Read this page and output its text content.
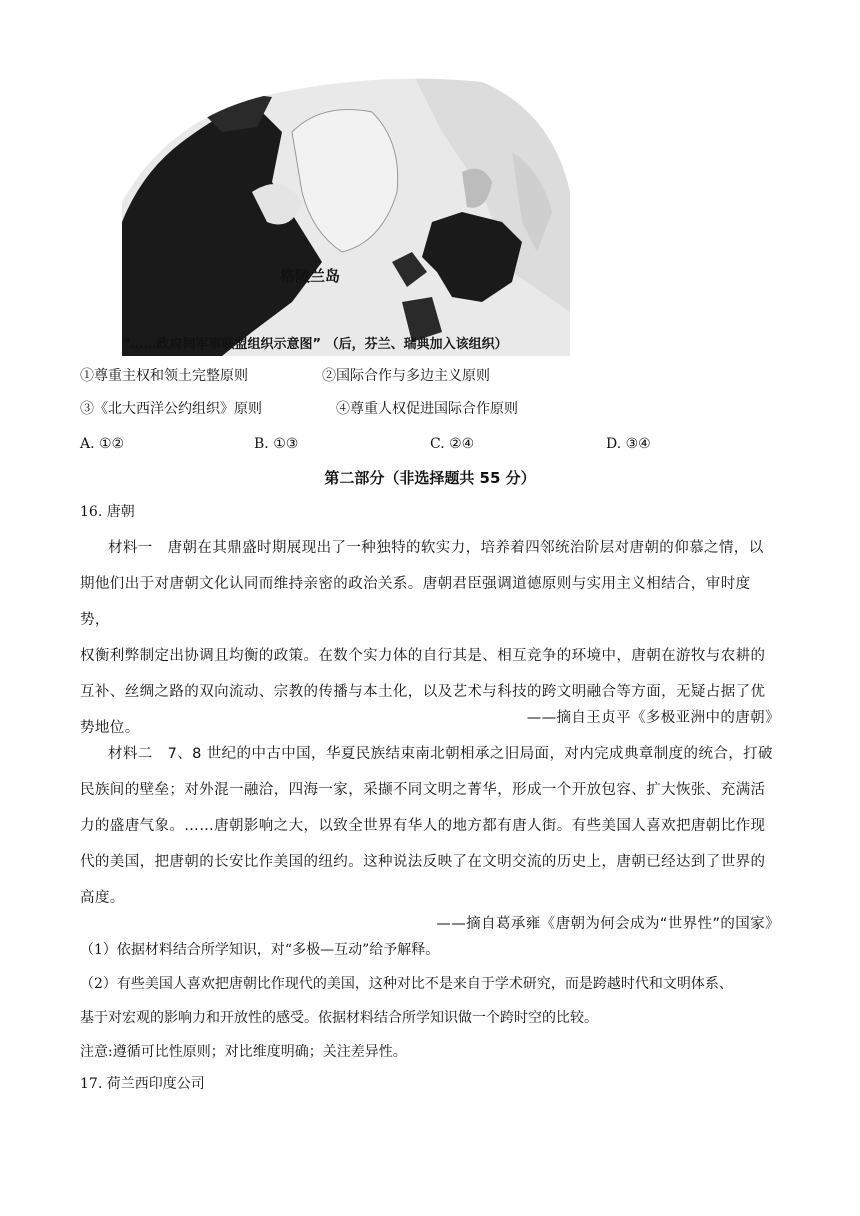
格陵兰岛
“……政府间军事联盟组织示意图” （后，芬兰、瑞典加入该组织）
①尊重主权和领土完整原则	②国际合作与多边主义原则
③《北大西洋公约组织》原则	④尊重人权促进国际合作原则
A. ①②	B. ①③	C. ②④	D. ③④
第二部分（非选择题共 55 分）
16. 唐朝
材料一　唐朝在其鼎盛时期展现出了一种独特的软实力，培养着四邻统治阶层对唐朝的仰慕之情，以
期他们出于对唐朝文化认同而维持亲密的政治关系。唐朝君臣强调道德原则与实用主义相结合，审时度势，
权衡利弊制定出协调且均衡的政策。在数个实力体的自行其是、相互竞争的环境中，唐朝在游牧与农耕的
互补、丝绸之路的双向流动、宗教的传播与本土化，以及艺术与科技的跨文明融合等方面，无疑占据了优
势地位。
——摘自王贞平《多极亚洲中的唐朝》
材料二　7、8 世纪的中古中国，华夏民族结束南北朝相承之旧局面，对内完成典章制度的统合，打破
民族间的壁垒；对外混一融洽，四海一家，采撷不同文明之菁华，形成一个开放包容、扩大恢张、充满活
力的盛唐气象。……唐朝影响之大，以致全世界有华人的地方都有唐人街。有些美国人喜欢把唐朝比作现
代的美国，把唐朝的长安比作美国的纽约。这种说法反映了在文明交流的历史上，唐朝已经达到了世界的
高度。
——摘自葛承雍《唐朝为何会成为“世界性”的国家》
（1）依据材料结合所学知识，对“多极—互动”给予解释。
（2）有些美国人喜欢把唐朝比作现代的美国，这种对比不是来自于学术研究，而是跨越时代和文明体系、
基于对宏观的影响力和开放性的感受。依据材料结合所学知识做一个跨时空的比较。
注意:遵循可比性原则；对比维度明确；关注差异性。
17. 荷兰西印度公司
